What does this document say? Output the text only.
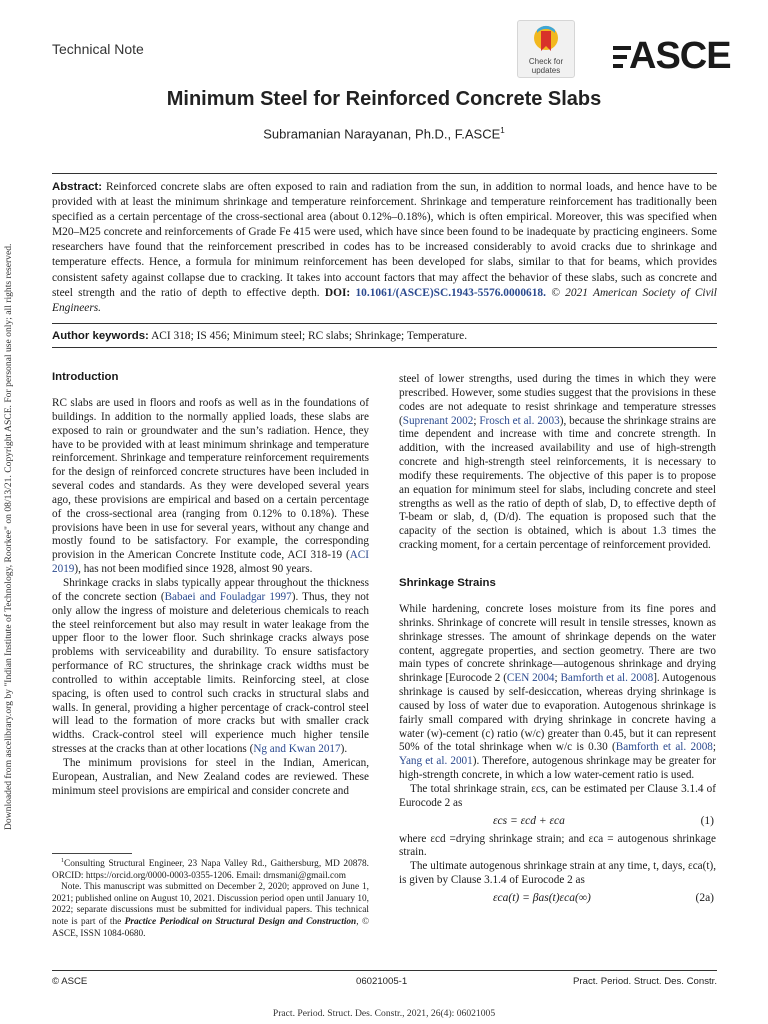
Technical Note
Check for
updates	ASCE
Minimum Steel for Reinforced Concrete Slabs
Subramanian Narayanan, Ph.D., F.ASCE$^1$
Downloaded from ascelibrary.org by "Indian Institute of Technology, Roorkee" on 08/13/21. Copyright ASCE. For personal use only; all rights reserved.

Abstract: Reinforced concrete slabs are often exposed to rain and radiation from the sun, in addition to normal loads, and hence have to be provided with at least the minimum shrinkage and temperature reinforcement. Shrinkage and temperature reinforcement has traditionally been specified as a certain percentage of the cross-sectional area (about 0.12%–0.18%), which is often empirical. Moreover, this was specified when M20–M25 concrete and reinforcements of Grade Fe 415 were used, which have since been found to be inadequate by practicing engineers. Some researchers have found that the reinforcement prescribed in codes has to be increased considerably to avoid cracks due to shrinkage and temperature effects. Hence, a formula for minimum reinforcement has been developed for slabs, similar to that for beams, which provides consistent safety against collapse due to cracking. It takes into account factors that may affect the behavior of these slabs, such as concrete and steel strength and the ratio of depth to effective depth. DOI: 10.1061/(ASCE)SC.1943-5576.0000618. © 2021 American Society of Civil Engineers.

Author keywords: ACI 318; IS 456; Minimum steel; RC slabs; Shrinkage; Temperature.

Introduction

RC slabs are used in floors and roofs as well as in the foundations of buildings. In addition to the normally applied loads, these slabs are exposed to rain or groundwater and the sun’s radiation. Hence, they have to be provided with at least minimum shrinkage and temperature reinforcement. Shrinkage and temperature reinforcement requirements for the design of reinforced concrete structures have been included in several codes and standards. As they were developed several years ago, these provisions are empirical and based on a certain percentage of the cross-sectional area (ranging from 0.12% to 0.18%). These provisions have been in use for several years, without any change and mostly found to be satisfactory. For example, the corresponding provision in the American Concrete Institute code, ACI 318-19 (ACI 2019), has not been modified since 1928, almost 90 years.

Shrinkage cracks in slabs typically appear throughout the thickness of the concrete section (Babaei and Fouladgar 1997). Thus, they not only allow the ingress of moisture and deleterious chemicals to reach the steel reinforcement but also may result in water leakage from the upper floor to the lower floor. Such shrinkage cracks always pose problems with serviceability and durability. To ensure satisfactory performance of RC structures, the shrinkage crack widths must be controlled to within acceptable limits. Reinforcing steel, at close spacing, is often used to control such cracks in structural slabs and walls. In general, providing a higher percentage of crack-control steel will lead to the formation of more cracks but with smaller crack widths. Crack-control steel will experience much higher tensile stresses at the cracks than at other locations (Ng and Kwan 2017).

The minimum provisions for steel in the Indian, American, European, Australian, and New Zealand codes are reviewed. These minimum steel provisions are empirical and consider concrete and

$^1$Consulting Structural Engineer, 23 Napa Valley Rd., Gaithersburg, MD 20878. ORCID: https://orcid.org/0000-0003-0355-1206. Email: drnsmani@gmail.com

Note. This manuscript was submitted on December 2, 2020; approved on June 1, 2021; published online on August 10, 2021. Discussion period open until January 10, 2022; separate discussions must be submitted for individual papers. This technical note is part of the Practice Periodical on Structural Design and Construction, © ASCE, ISSN 1084-0680.

steel of lower strengths, used during the times in which they were prescribed. However, some studies suggest that the provisions in these codes are not adequate to resist shrinkage and temperature stresses (Suprenant 2002; Frosch et al. 2003), because the shrinkage strains are time dependent and increase with time and concrete strength. In addition, with the increased availability and use of high-strength concrete and high-strength steel reinforcements, it is necessary to modify these requirements. The objective of this paper is to propose an equation for minimum steel for slabs, including concrete and steel strengths as well as the ratio of depth of slab, D, to effective depth of T-beam or slab, d, (D/d). The equation is proposed such that the capacity of the section is obtained, which is about 1.3 times the cracking moment, for a certain percentage of reinforcement provided.

Shrinkage Strains

While hardening, concrete loses moisture from its fine pores and shrinks. Shrinkage of concrete will result in tensile stresses, known as shrinkage stresses. The amount of shrinkage depends on the water content, aggregate properties, and section geometry. There are two main types of concrete shrinkage—autogenous shrinkage and drying shrinkage [Eurocode 2 (CEN 2004; Bamforth et al. 2008]. Autogenous shrinkage is caused by self-desiccation, whereas drying shrinkage is caused by loss of water due to evaporation. Autogenous shrinkage is fairly small compared with drying shrinkage in concrete having a water (w)-cement (c) ratio (w/c) greater than 0.45, but it can represent 50% of the total shrinkage when w/c is 0.30 (Bamforth et al. 2008; Yang et al. 2001). Therefore, autogenous shrinkage may be greater for high-strength concrete, in which a low water-cement ratio is used.

The total shrinkage strain, εcs, can be estimated per Clause 3.1.4 of Eurocode 2 as

εcs = εcd + εca	(1)

where εcd =drying shrinkage strain; and εca = autogenous shrinkage strain.

The ultimate autogenous shrinkage strain at any time, t, days, εca(t), is given by Clause 3.1.4 of Eurocode 2 as

εca(t) = βas(t)εca(∞)	(2a)
© ASCE	06021005-1	Pract. Period. Struct. Des. Constr.
Pract. Period. Struct. Des. Constr., 2021, 26(4): 06021005
